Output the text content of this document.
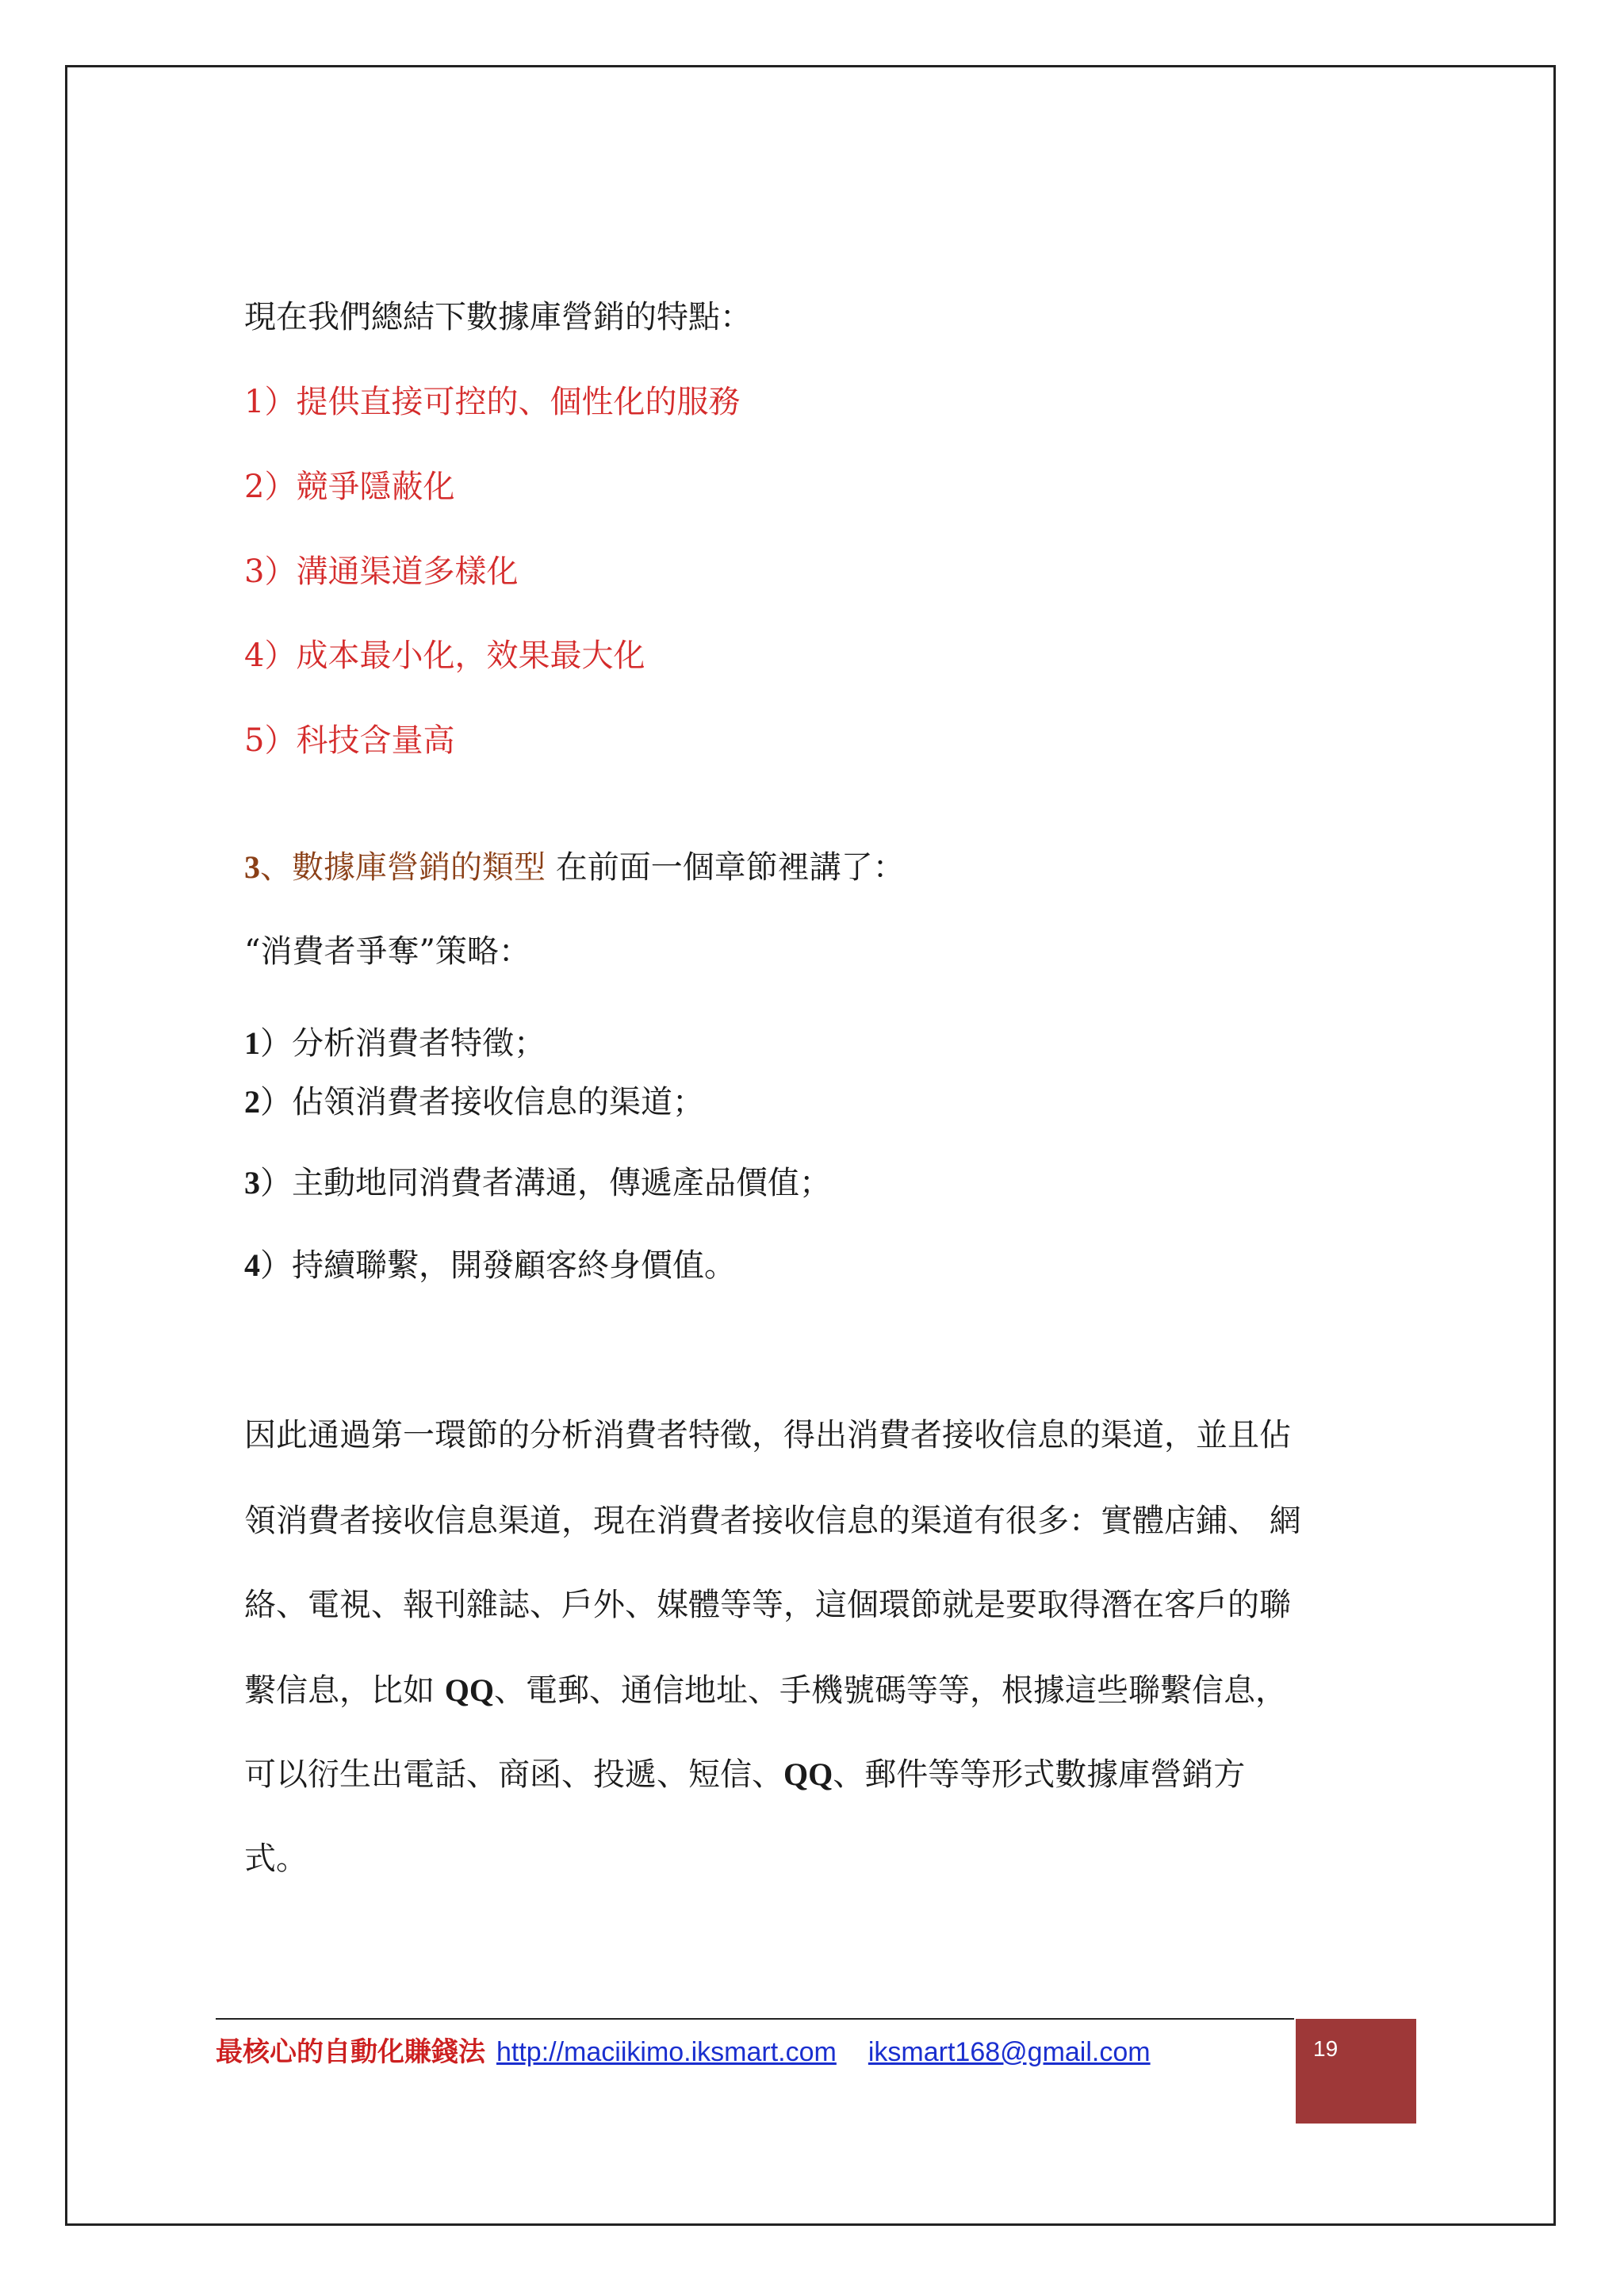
現在我們總結下數據庫營銷的特點：
1）提供直接可控的、個性化的服務
2）競爭隱蔽化
3）溝通渠道多樣化
4）成本最小化，效果最大化
5）科技含量高
3、數據庫營銷的類型 在前面一個章節裡講了：
“消費者爭奪”策略：
1）分析消費者特徵；
2）佔領消費者接收信息的渠道；
3）主動地同消費者溝通，傳遞產品價值；
4）持續聯繫，開發顧客終身價值。
因此通過第一環節的分析消費者特徵，得出消費者接收信息的渠道，並且佔
領消費者接收信息渠道，現在消費者接收信息的渠道有很多：實體店鋪、 網
絡、電視、報刊雜誌、戶外、媒體等等，這個環節就是要取得潛在客戶的聯
繫信息，比如 QQ、電郵、通信地址、手機號碼等等，根據這些聯繫信息，
可以衍生出電話、商函、投遞、短信、QQ、郵件等等形式數據庫營銷方
式。
最核心的自動化賺錢法 http://maciikimo.iksmart.com iksmart168@gmail.com	19
